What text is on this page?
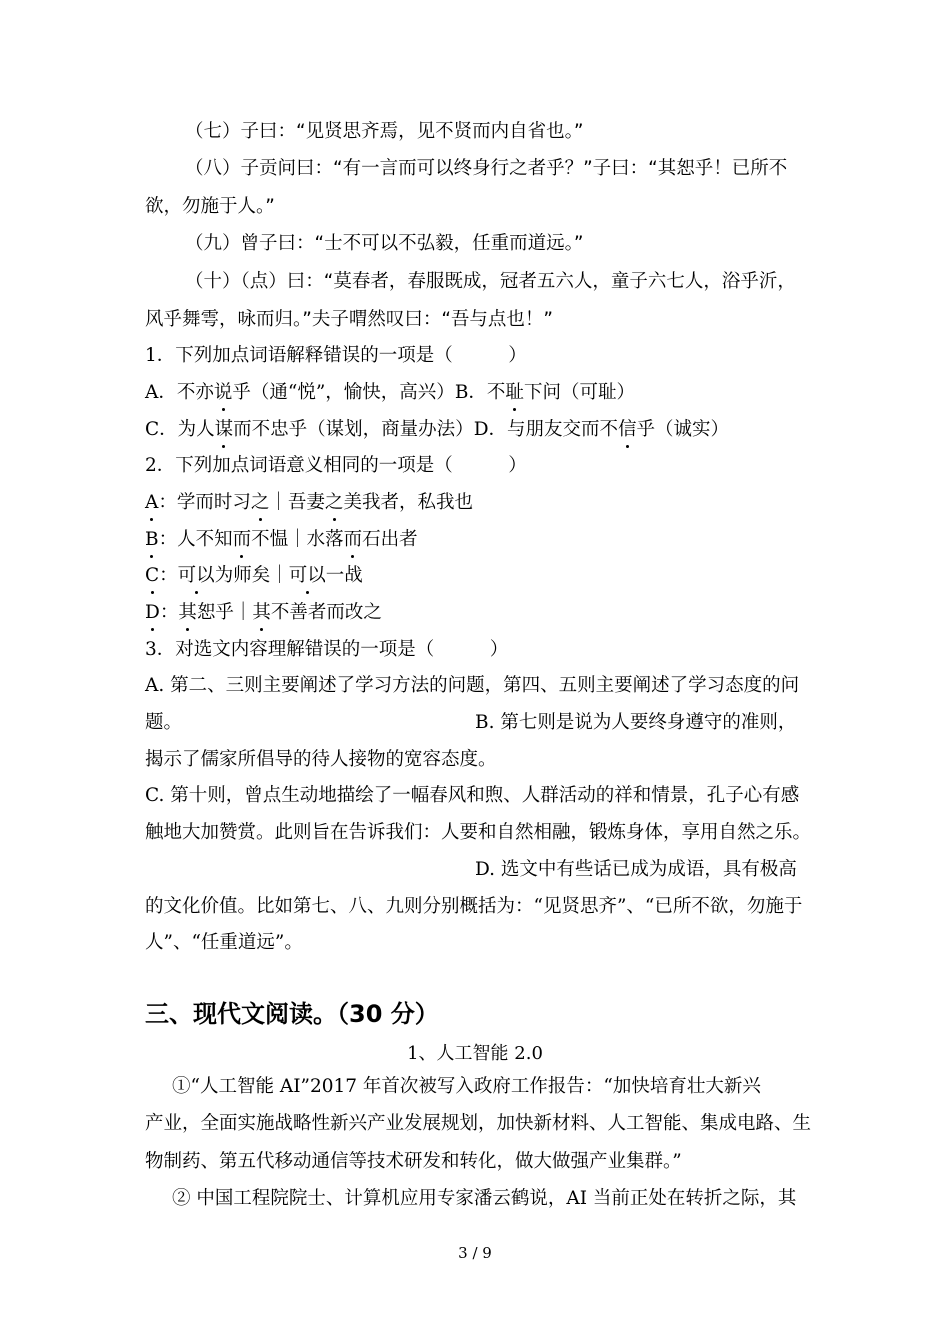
（七）子曰：“见贤思齐焉，见不贤而内自省也。”
（八）子贡问曰：“有一言而可以终身行之者乎？”子曰：“其恕乎！已所不
欲，勿施于人。”
（九）曾子曰：“士不可以不弘毅，任重而道远。”
（十）（点）曰：“莫春者，春服既成，冠者五六人，童子六七人，浴乎沂，
风乎舞雩，咏而归。”夫子喟然叹曰：“吾与点也！”
1．下列加点词语解释错误的一项是（　　　）
A．不亦说乎（通“悦”，愉快，高兴）B．不耻下问（可耻）
C．为人谋而不忠乎（谋划，商量办法）D．与朋友交而不信乎（诚实）
2．下列加点词语意义相同的一项是（　　　）
A：学而时习之｜吾妻之美我者，私我也
B：人不知而不愠｜水落而石出者
C：可以为师矣｜可以一战
D：其恕乎｜其不善者而改之
3．对选文内容理解错误的一项是（　　　）
A. 第二、三则主要阐述了学习方法的问题，第四、五则主要阐述了学习态度的问
题。	B. 第七则是说为人要终身遵守的准则，
揭示了儒家所倡导的待人接物的宽容态度。
C. 第十则，曾点生动地描绘了一幅春风和煦、人群活动的祥和情景，孔子心有感
触地大加赞赏。此则旨在告诉我们：人要和自然相融，锻炼身体，享用自然之乐。
D. 选文中有些话已成为成语，具有极高
的文化价值。比如第七、八、九则分别概括为：“见贤思齐”、“已所不欲，勿施于
人”、“任重道远”。
三、现代文阅读。（30 分）
1、人工智能 2.0
①“人工智能 AI”2017 年首次被写入政府工作报告：“加快培育壮大新兴
产业，全面实施战略性新兴产业发展规划，加快新材料、人工智能、集成电路、生
物制药、第五代移动通信等技术研发和转化，做大做强产业集群。”
② 中国工程院院士、计算机应用专家潘云鹤说，AI 当前正处在转折之际，其
3 / 9
